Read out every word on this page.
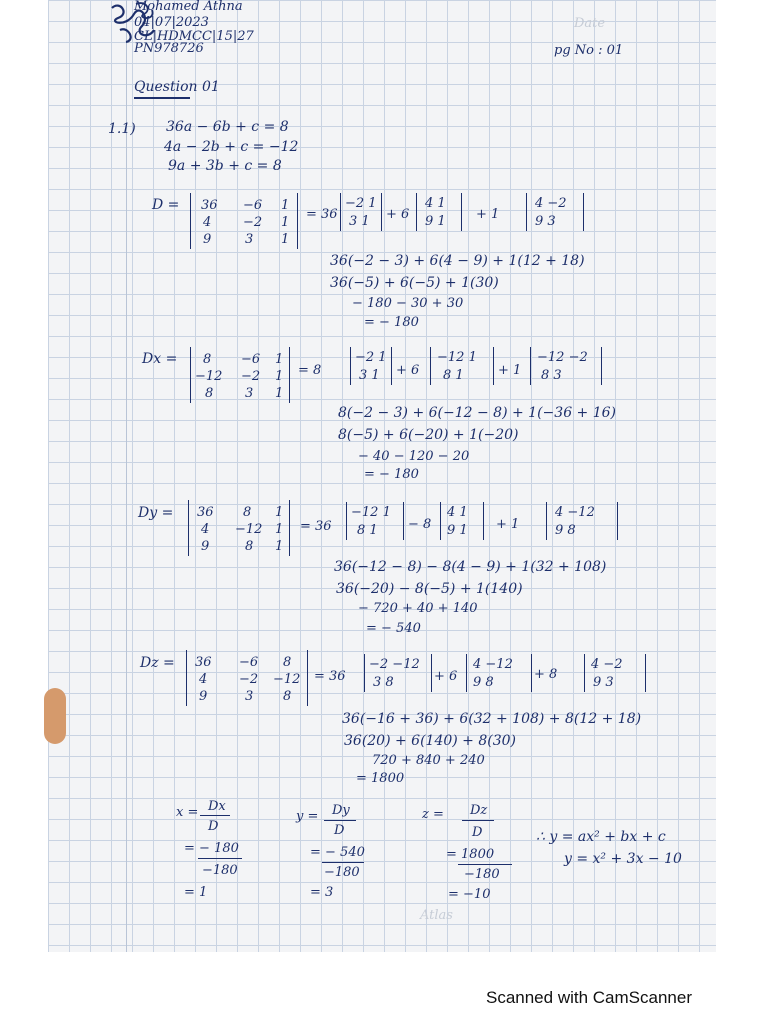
Mohamed Athna
04|07|2023
CL|HDMCC|15|27
PN978726
Date
pg No : 01
Question 01
1.1) 36a − 6b + c = 8
4a − 2b + c = −12
9a + 3b + c = 8
D = 36 −6 1
4 −2 1
9	3 1
= 36
−2 1
3 1 + 6
4 1
9 1 + 1
4 −2
9 3
36(−2 − 3) + 6(4 − 9) + 1(12 + 18)
36(−5) + 6(−5) + 1(30)
− 180 − 30 + 30
= − 180
Dx = 8 −6 1
−12 −2 1
8 3 1
= 8
−2 1
3 1 + 6
−12 1
8 1	+ 1
−12 −2
8 3
8(−2 − 3) + 6(−12 − 8) + 1(−36 + 16)
8(−5) + 6(−20) + 1(−20)
− 40 − 120 − 20
= − 180
Dy = 36 8 1
4 −12 1
9	8 1
= 36
−12 1
8 1 − 8
4 1
9 1 + 1
4 −12
9 8
36(−12 − 8) − 8(4 − 9) + 1(32 + 108)
36(−20) − 8(−5) + 1(140)
− 720 + 40 + 140
= − 540
Dz = 36 −6 8
4 −2 −12
9	3 8
= 36
−2 −12
3 8	+ 6
4 −12
9 8
+ 8
4 −2
9 3
36(−16 + 36) + 6(32 + 108) + 8(12 + 18)
36(20) + 6(140) + 8(30)
720 + 840 + 240
= 1800
x = Dx
D
= − 180
−180
= 1
y = Dy
D
= − 540
−180
= 3
z = Dz
D
= 1800
−180
= −10
∴ y = ax² + bx + c
y = x² + 3x − 10
Atlas
Scanned with CamScanner
